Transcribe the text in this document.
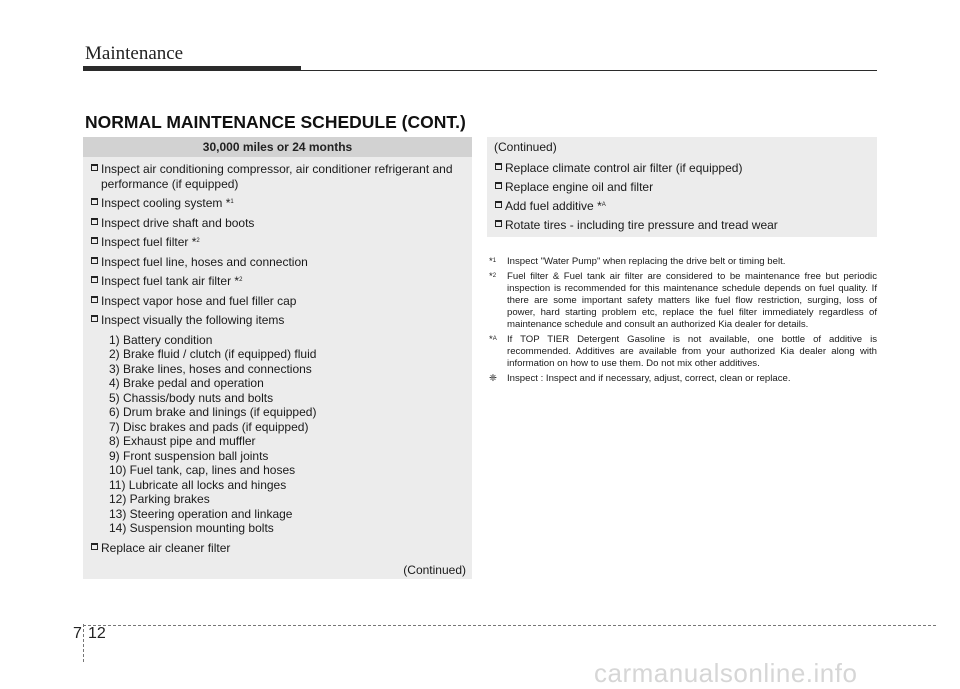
Maintenance
NORMAL MAINTENANCE SCHEDULE (CONT.)
30,000 miles or 24 months
Inspect air conditioning compressor, air conditioner refrigerant and performance (if equipped)
Inspect cooling system *$^1$
Inspect drive shaft and boots
Inspect fuel filter *$^2$
Inspect fuel line, hoses and connection
Inspect fuel tank air filter *$^2$
Inspect vapor hose and fuel filler cap
Inspect visually the following items
1) Battery condition
2) Brake fluid / clutch (if equipped) fluid
3) Brake lines, hoses and connections
4) Brake pedal and operation
5) Chassis/body nuts and bolts
6) Drum brake and linings (if equipped)
7) Disc brakes and pads (if equipped)
8) Exhaust pipe and muffler
9) Front suspension ball joints
10) Fuel tank, cap, lines and hoses
11) Lubricate all locks and hinges
12) Parking brakes
13) Steering operation and linkage
14) Suspension mounting bolts
Replace air cleaner filter
(Continued)
(Continued)
Replace climate control air filter (if equipped)
Replace engine oil and filter
Add fuel additive *$^A$
Rotate tires - including tire pressure and tread wear
*$^1$ Inspect "Water Pump" when replacing the drive belt or timing belt.
*$^2$ Fuel filter & Fuel tank air filter are considered to be maintenance free but periodic inspection is recommended for this maintenance schedule depends on fuel quality. If there are some important safety matters like fuel flow restriction, surging, loss of power, hard starting problem etc, replace the fuel filter immediately regardless of maintenance schedule and consult an authorized Kia dealer for details.
*$^A$ If TOP TIER Detergent Gasoline is not available, one bottle of additive is recommended. Additives are available from your authorized Kia dealer along with information on how to use them. Do not mix other additives.
❈ Inspect : Inspect and if necessary, adjust, correct, clean or replace.
7 12
carmanualsonline.info
